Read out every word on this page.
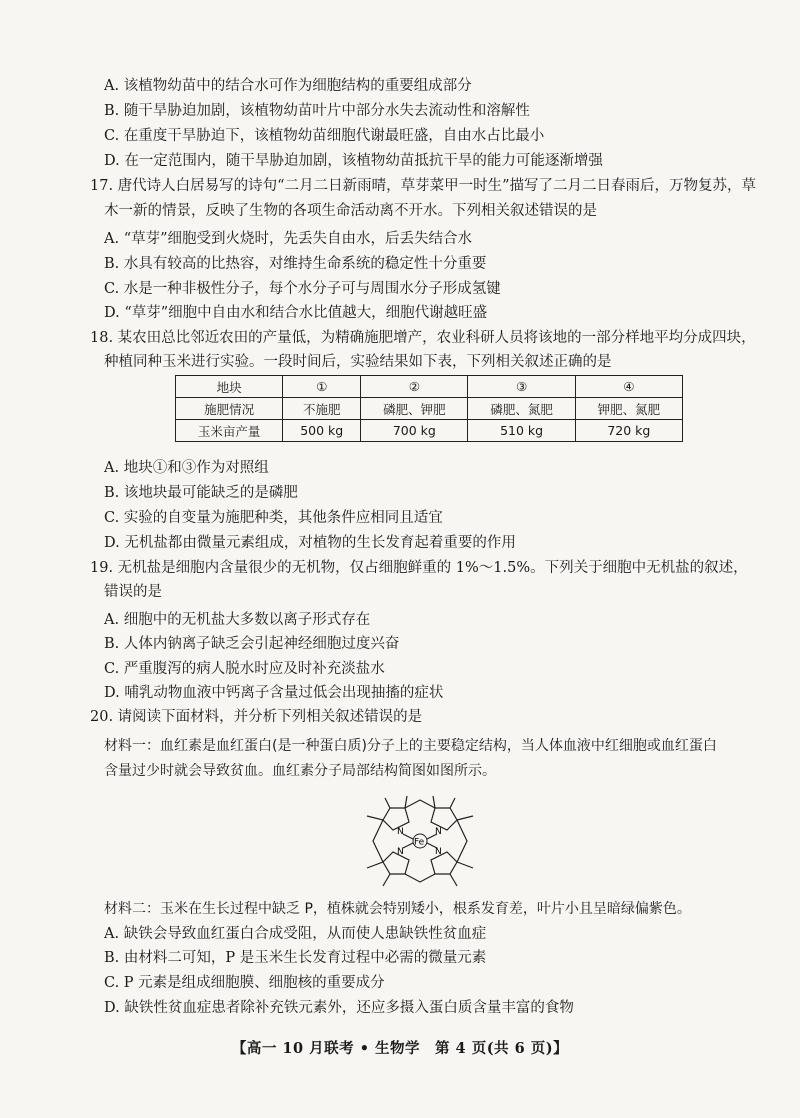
A. 该植物幼苗中的结合水可作为细胞结构的重要组成部分
B. 随干旱胁迫加剧，该植物幼苗叶片中部分水失去流动性和溶解性
C. 在重度干旱胁迫下，该植物幼苗细胞代谢最旺盛，自由水占比最小
D. 在一定范围内，随干旱胁迫加剧，该植物幼苗抵抗干旱的能力可能逐渐增强
17. 唐代诗人白居易写的诗句“二月二日新雨晴，草芽菜甲一时生”描写了二月二日春雨后，万物复苏，草
木一新的情景，反映了生物的各项生命活动离不开水。下列相关叙述错误的是
A. “草芽”细胞受到火烧时，先丢失自由水，后丢失结合水
B. 水具有较高的比热容，对维持生命系统的稳定性十分重要
C. 水是一种非极性分子，每个水分子可与周围水分子形成氢键
D. “草芽”细胞中自由水和结合水比值越大，细胞代谢越旺盛
18. 某农田总比邻近农田的产量低，为精确施肥增产，农业科研人员将该地的一部分样地平均分成四块，
种植同种玉米进行实验。一段时间后，实验结果如下表，下列相关叙述正确的是
地块	①	②	③	④
施肥情况	不施肥	磷肥、钾肥	磷肥、氮肥	钾肥、氮肥
玉米亩产量	500 kg	700 kg	510 kg	720 kg
A. 地块①和③作为对照组
B. 该地块最可能缺乏的是磷肥
C. 实验的自变量为施肥种类，其他条件应相同且适宜
D. 无机盐都由微量元素组成，对植物的生长发育起着重要的作用
19. 无机盐是细胞内含量很少的无机物，仅占细胞鲜重的 1%～1.5%。下列关于细胞中无机盐的叙述，
错误的是
A. 细胞中的无机盐大多数以离子形式存在
B. 人体内钠离子缺乏会引起神经细胞过度兴奋
C. 严重腹泻的病人脱水时应及时补充淡盐水
D. 哺乳动物血液中钙离子含量过低会出现抽搐的症状
20. 请阅读下面材料，并分析下列相关叙述错误的是
材料一：血红素是血红蛋白(是一种蛋白质)分子上的主要稳定结构，当人体血液中红细胞或血红蛋白
含量过少时就会导致贫血。血红素分子局部结构简图如图所示。
N	N
N	N
Fe
材料二：玉米在生长过程中缺乏 P，植株就会特别矮小，根系发育差，叶片小且呈暗绿偏紫色。
A. 缺铁会导致血红蛋白合成受阻，从而使人患缺铁性贫血症
B. 由材料二可知，P 是玉米生长发育过程中必需的微量元素
C. P 元素是组成细胞膜、细胞核的重要成分
D. 缺铁性贫血症患者除补充铁元素外，还应多摄入蛋白质含量丰富的食物
【高一 10 月联考 • 生物学　第 4 页(共 6 页)】
